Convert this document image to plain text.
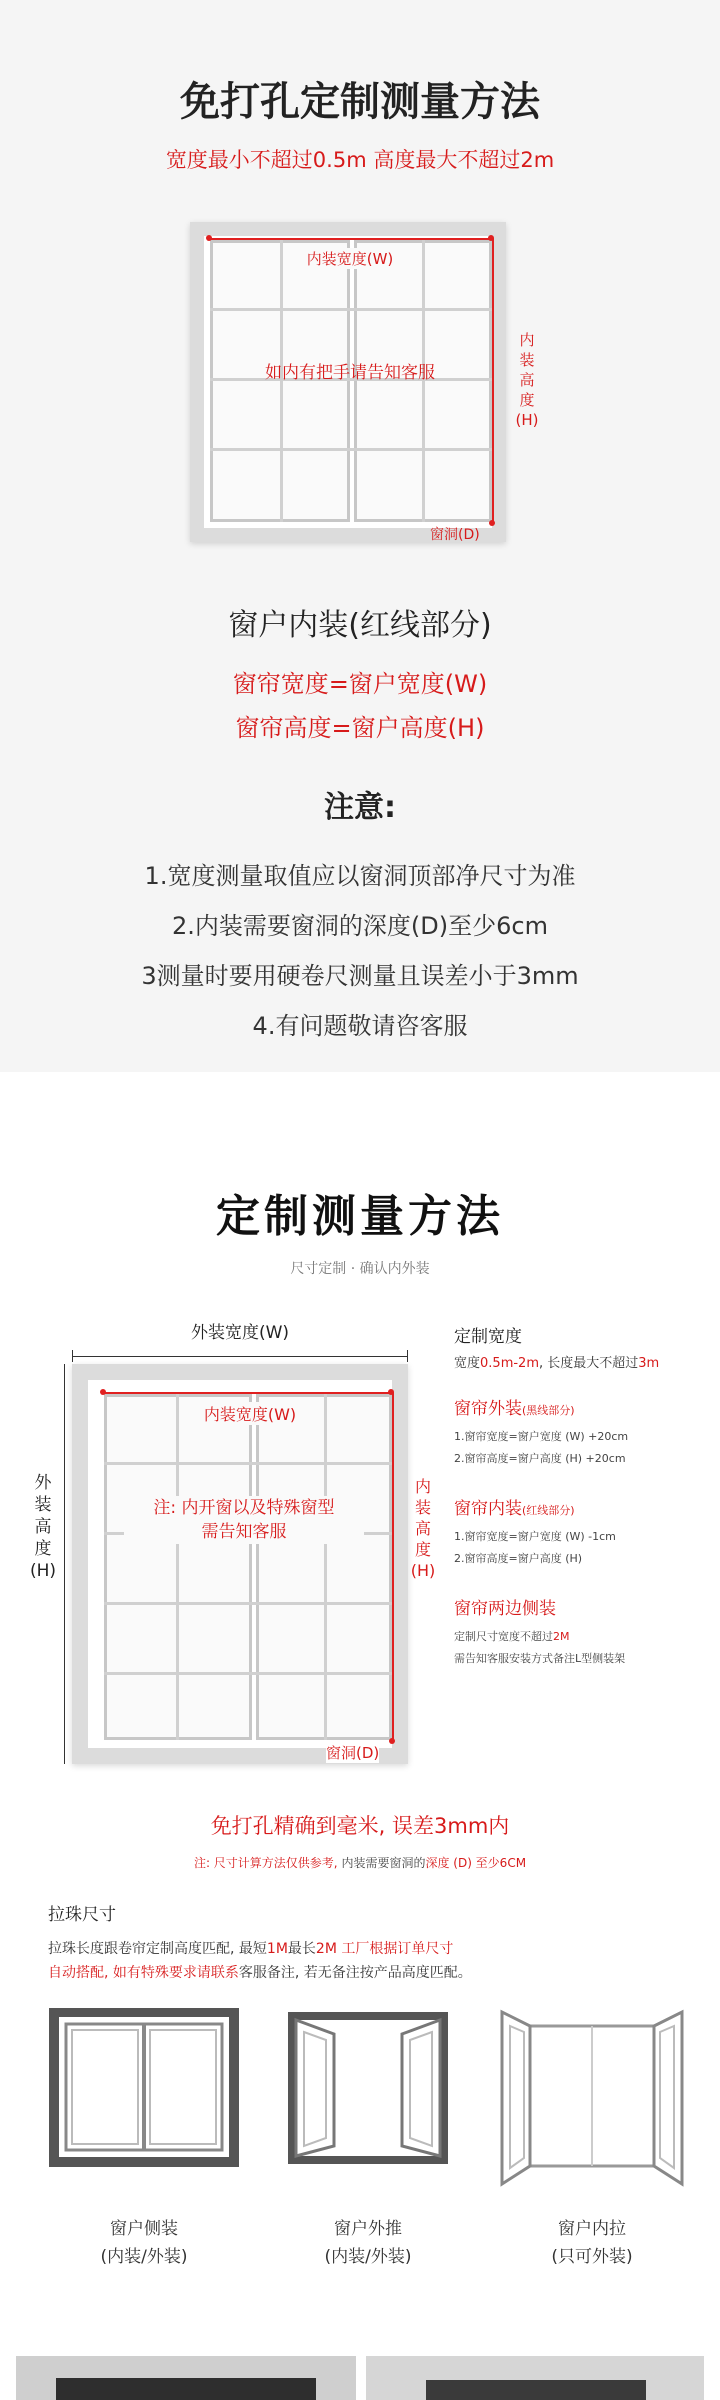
免打孔定制测量方法
宽度最小不超过0.5m 高度最大不超过2m
内装宽度(W)
如内有把手请告知客服
内
装
高
度
(H)
窗洞(D)
窗户内装(红线部分)
窗帘宽度=窗户宽度(W)
窗帘高度=窗户高度(H)
注意:
1.宽度测量取值应以窗洞顶部净尺寸为准
2.内装需要窗洞的深度(D)至少6cm
3测量时要用硬卷尺测量且误差小于3mm
4.有问题敬请咨客服
定制测量方法
尺寸定制 · 确认内外装
外装宽度(W)
外
装
高
度
(H)
内装宽度(W)
注: 内开窗以及特殊窗型
需告知客服
内
装
高
度
(H)
窗洞(D)
定制宽度
宽度0.5m-2m, 长度最大不超过3m
窗帘外装(黑线部分)
1.窗帘宽度=窗户宽度 (W) +20cm
2.窗帘高度=窗户高度 (H) +20cm
窗帘内装(红线部分)
1.窗帘宽度=窗户宽度 (W) -1cm
2.窗帘高度=窗户高度 (H)
窗帘两边侧装
定制尺寸宽度不超过2M
需告知客服安装方式备注L型侧装架
免打孔精确到毫米, 误差3mm内
注: 尺寸计算方法仅供参考, 内装需要窗洞的深度 (D) 至少6CM
拉珠尺寸
拉珠长度跟卷帘定制高度匹配, 最短1M最长2M 工厂根据订单尺寸
自动搭配, 如有特殊要求请联系客服备注, 若无备注按产品高度匹配。
窗户侧装
(内装/外装)
窗户外推
(内装/外装)
窗户内拉
(只可外装)
